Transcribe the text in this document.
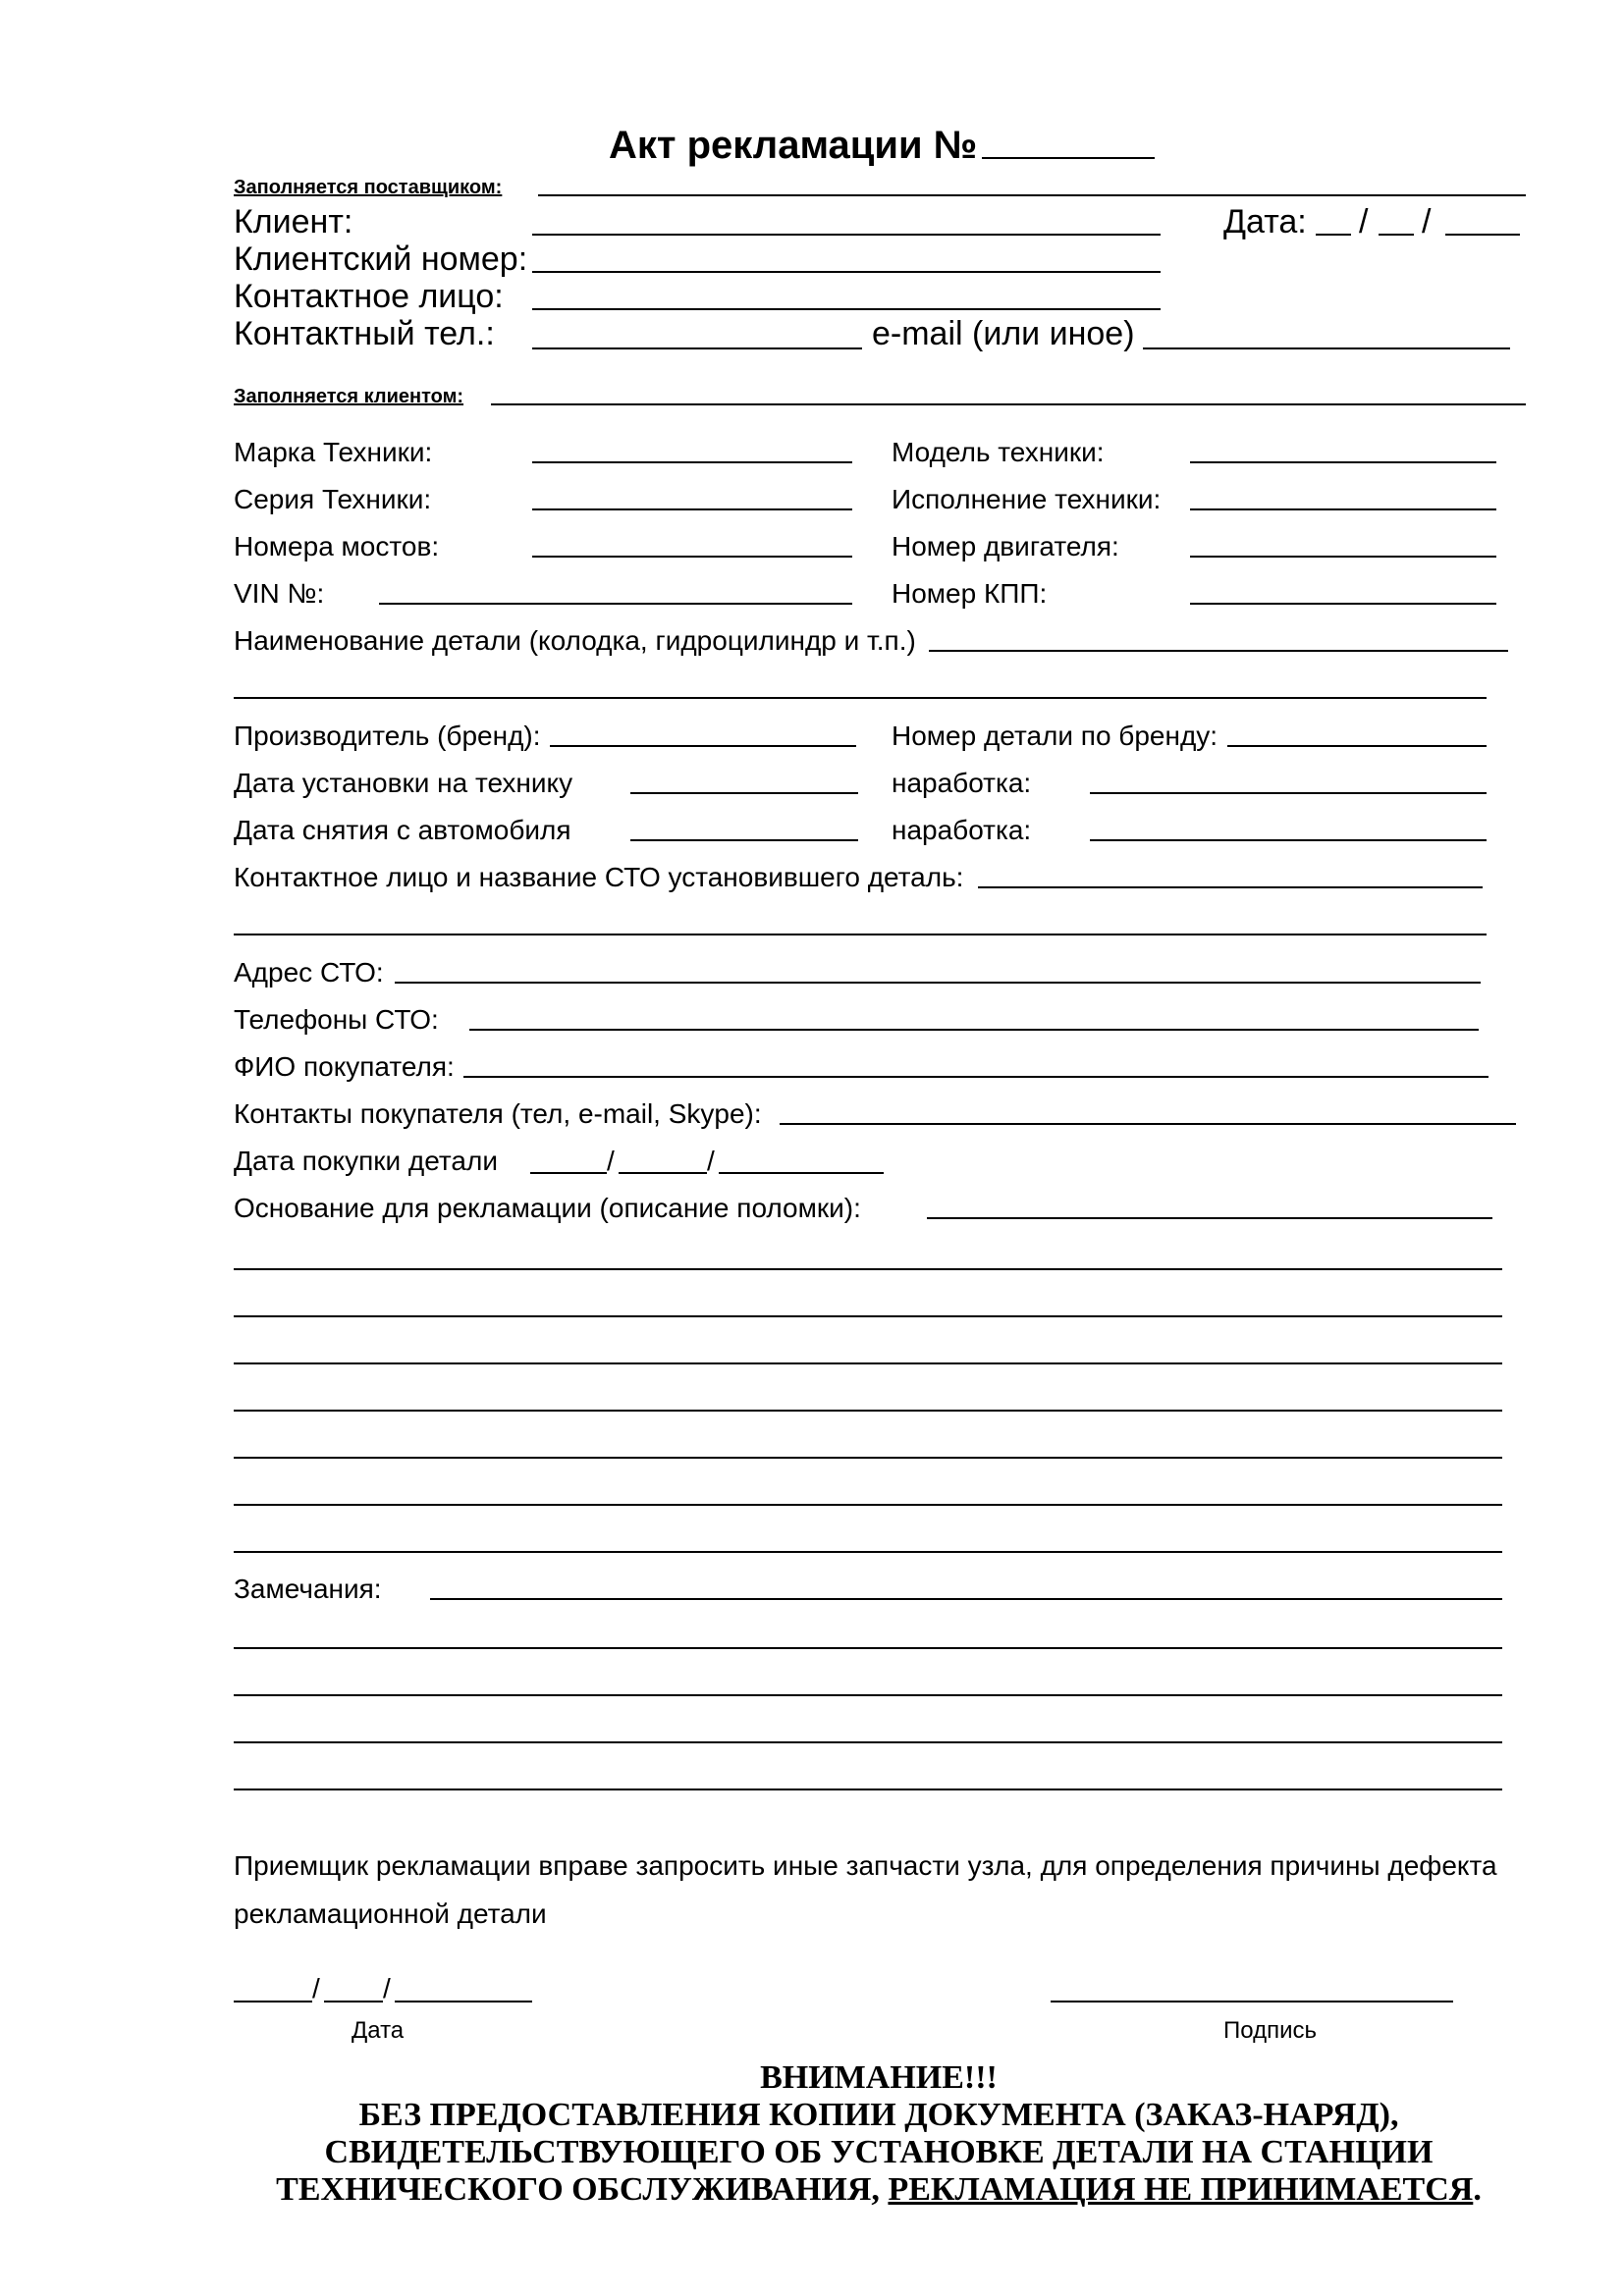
Акт рекламации №
Заполняется поставщиком:
Клиент:	Дата: / /
Клиентский номер:
Контактное лицо:
Контактный тел.:	e-mail (или иное)
Заполняется клиентом:
Марка Техники:	Модель техники:
Серия Техники:	Исполнение техники:
Номера мостов:	Номер двигателя:
VIN №:	Номер КПП:
Наименование детали (колодка, гидроцилиндр и т.п.)
Производитель (бренд):	Номер детали по бренду:
Дата установки на технику	наработка:
Дата снятия с автомобиля	наработка:
Контактное лицо и название СТО установившего деталь:
Адрес СТО:
Телефоны СТО:
ФИО покупателя:
Контакты покупателя (тел, e-mail, Skype):
Дата покупки детали	/	/
Основание для рекламации (описание поломки):
Замечания:
Приемщик рекламации вправе запросить иные запчасти узла, для определения причины дефекта
рекламационной детали
/ /
Дата	Подпись
ВНИМАНИЕ!!!
БЕЗ ПРЕДОСТАВЛЕНИЯ КОПИИ ДОКУМЕНТА (ЗАКАЗ-НАРЯД),
СВИДЕТЕЛЬСТВУЮЩЕГО ОБ УСТАНОВКЕ ДЕТАЛИ НА СТАНЦИИ
ТЕХНИЧЕСКОГО ОБСЛУЖИВАНИЯ, РЕКЛАМАЦИЯ НЕ ПРИНИМАЕТСЯ.
